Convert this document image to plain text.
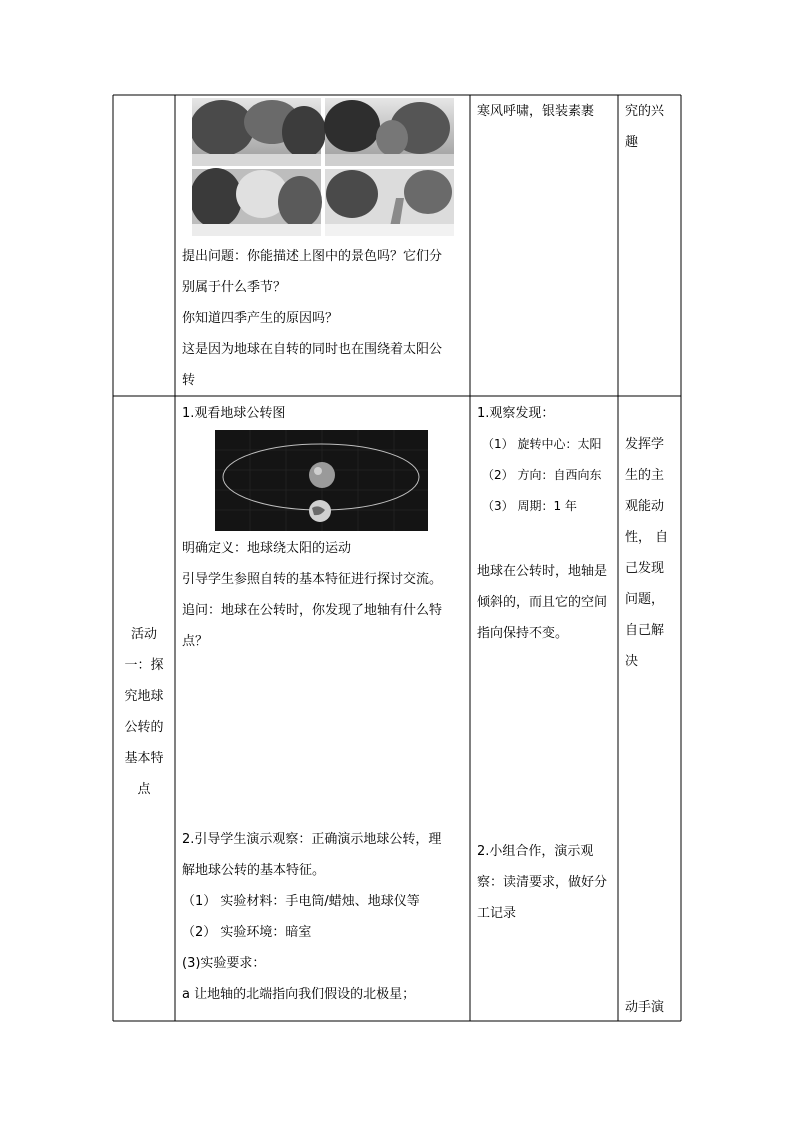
提出问题：你能描述上图中的景色吗？它们分
别属于什么季节？
你知道四季产生的原因吗？
这是因为地球在自转的同时也在围绕着太阳公
转
寒风呼啸，银装素裹 究的兴
趣
活动
一：探
究地球
公转的
基本特
点
1.观看地球公转图
明确定义：地球绕太阳的运动
引导学生参照自转的基本特征进行探讨交流。
追问：地球在公转时，你发现了地轴有什么特
点？
2.引导学生演示观察：正确演示地球公转，理
解地球公转的基本特征。
（1） 实验材料：手电筒/蜡烛、地球仪等
（2） 实验环境：暗室
(3)实验要求：
a 让地轴的北端指向我们假设的北极星；
1.观察发现：
（1） 旋转中心：太阳
（2） 方向：自西向东
（3） 周期：1 年
地球在公转时，地轴是
倾斜的，而且它的空间
指向保持不变。
2.小组合作，演示观
察：读清要求，做好分
工记录
发挥学
生的主
观能动
性， 自
己发现
问题，
自己解
决
动手演
